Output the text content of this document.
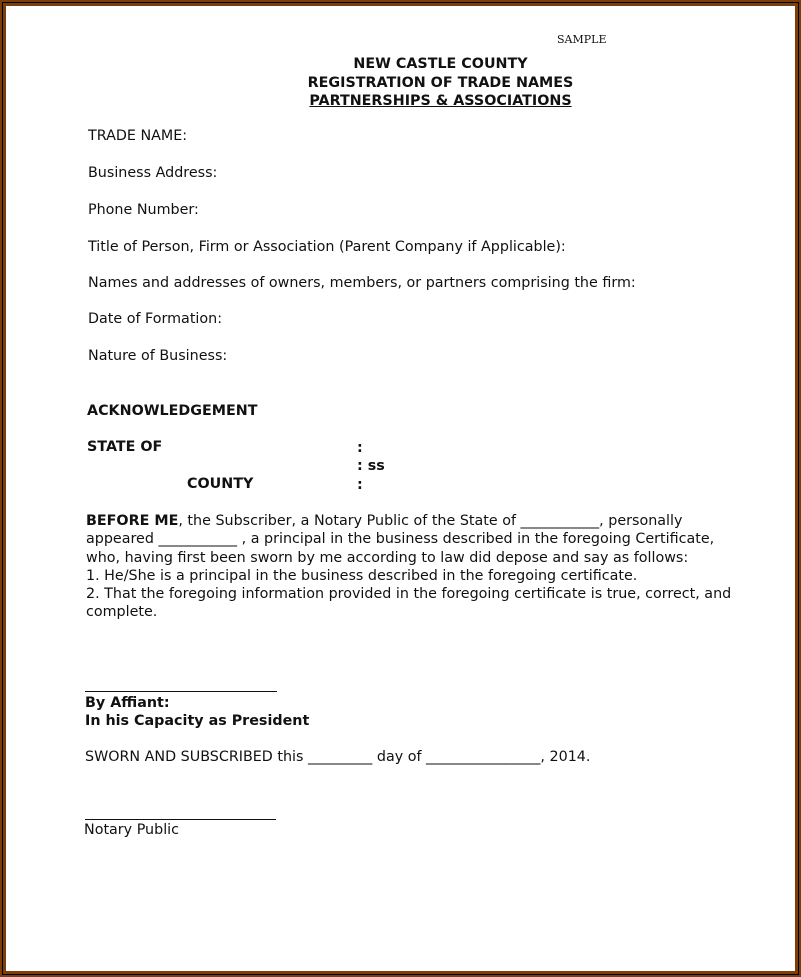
SAMPLE
NEW CASTLE COUNTY
REGISTRATION OF TRADE NAMES
PARTNERSHIPS & ASSOCIATIONS
TRADE NAME:
Business Address:
Phone Number:
Title of Person, Firm or Association (Parent Company if Applicable):
Names and addresses of owners, members, or partners comprising the firm:
Date of Formation:
Nature of Business:
ACKNOWLEDGEMENT
STATE OF	:
: ss
COUNTY	:
BEFORE ME, the Subscriber, a Notary Public of the State of ___________, personally
appeared ___________ , a principal in the business described in the foregoing Certificate,
who, having first been sworn by me according to law did depose and say as follows:
1. He/She is a principal in the business described in the foregoing certificate.
2. That the foregoing information provided in the foregoing certificate is true, correct, and
complete.
By Affiant:
In his Capacity as President
SWORN AND SUBSCRIBED this _________ day of ________________, 2014.
Notary Public
